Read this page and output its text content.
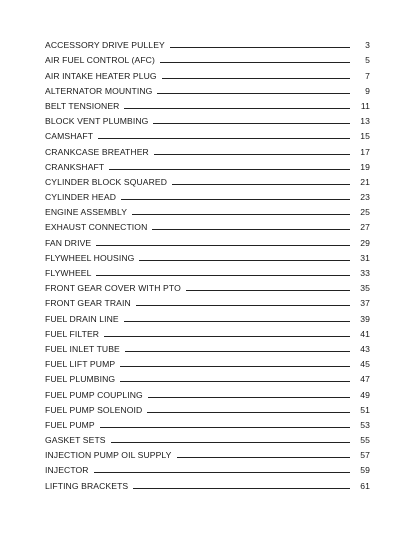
ACCESSORY DRIVE PULLEY	3
AIR FUEL CONTROL (AFC)	5
AIR INTAKE HEATER PLUG	7
ALTERNATOR MOUNTING	9
BELT TENSIONER	11
BLOCK VENT PLUMBING	13
CAMSHAFT	15
CRANKCASE BREATHER	17
CRANKSHAFT	19
CYLINDER BLOCK SQUARED	21
CYLINDER HEAD	23
ENGINE ASSEMBLY	25
EXHAUST CONNECTION	27
FAN DRIVE	29
FLYWHEEL HOUSING	31
FLYWHEEL	33
FRONT GEAR COVER WITH PTO	35
FRONT GEAR TRAIN	37
FUEL DRAIN LINE	39
FUEL FILTER	41
FUEL INLET TUBE	43
FUEL LIFT PUMP	45
FUEL PLUMBING	47
FUEL PUMP COUPLING	49
FUEL PUMP SOLENOID	51
FUEL PUMP	53
GASKET SETS	55
INJECTION PUMP OIL SUPPLY	57
INJECTOR	59
LIFTING BRACKETS	61
